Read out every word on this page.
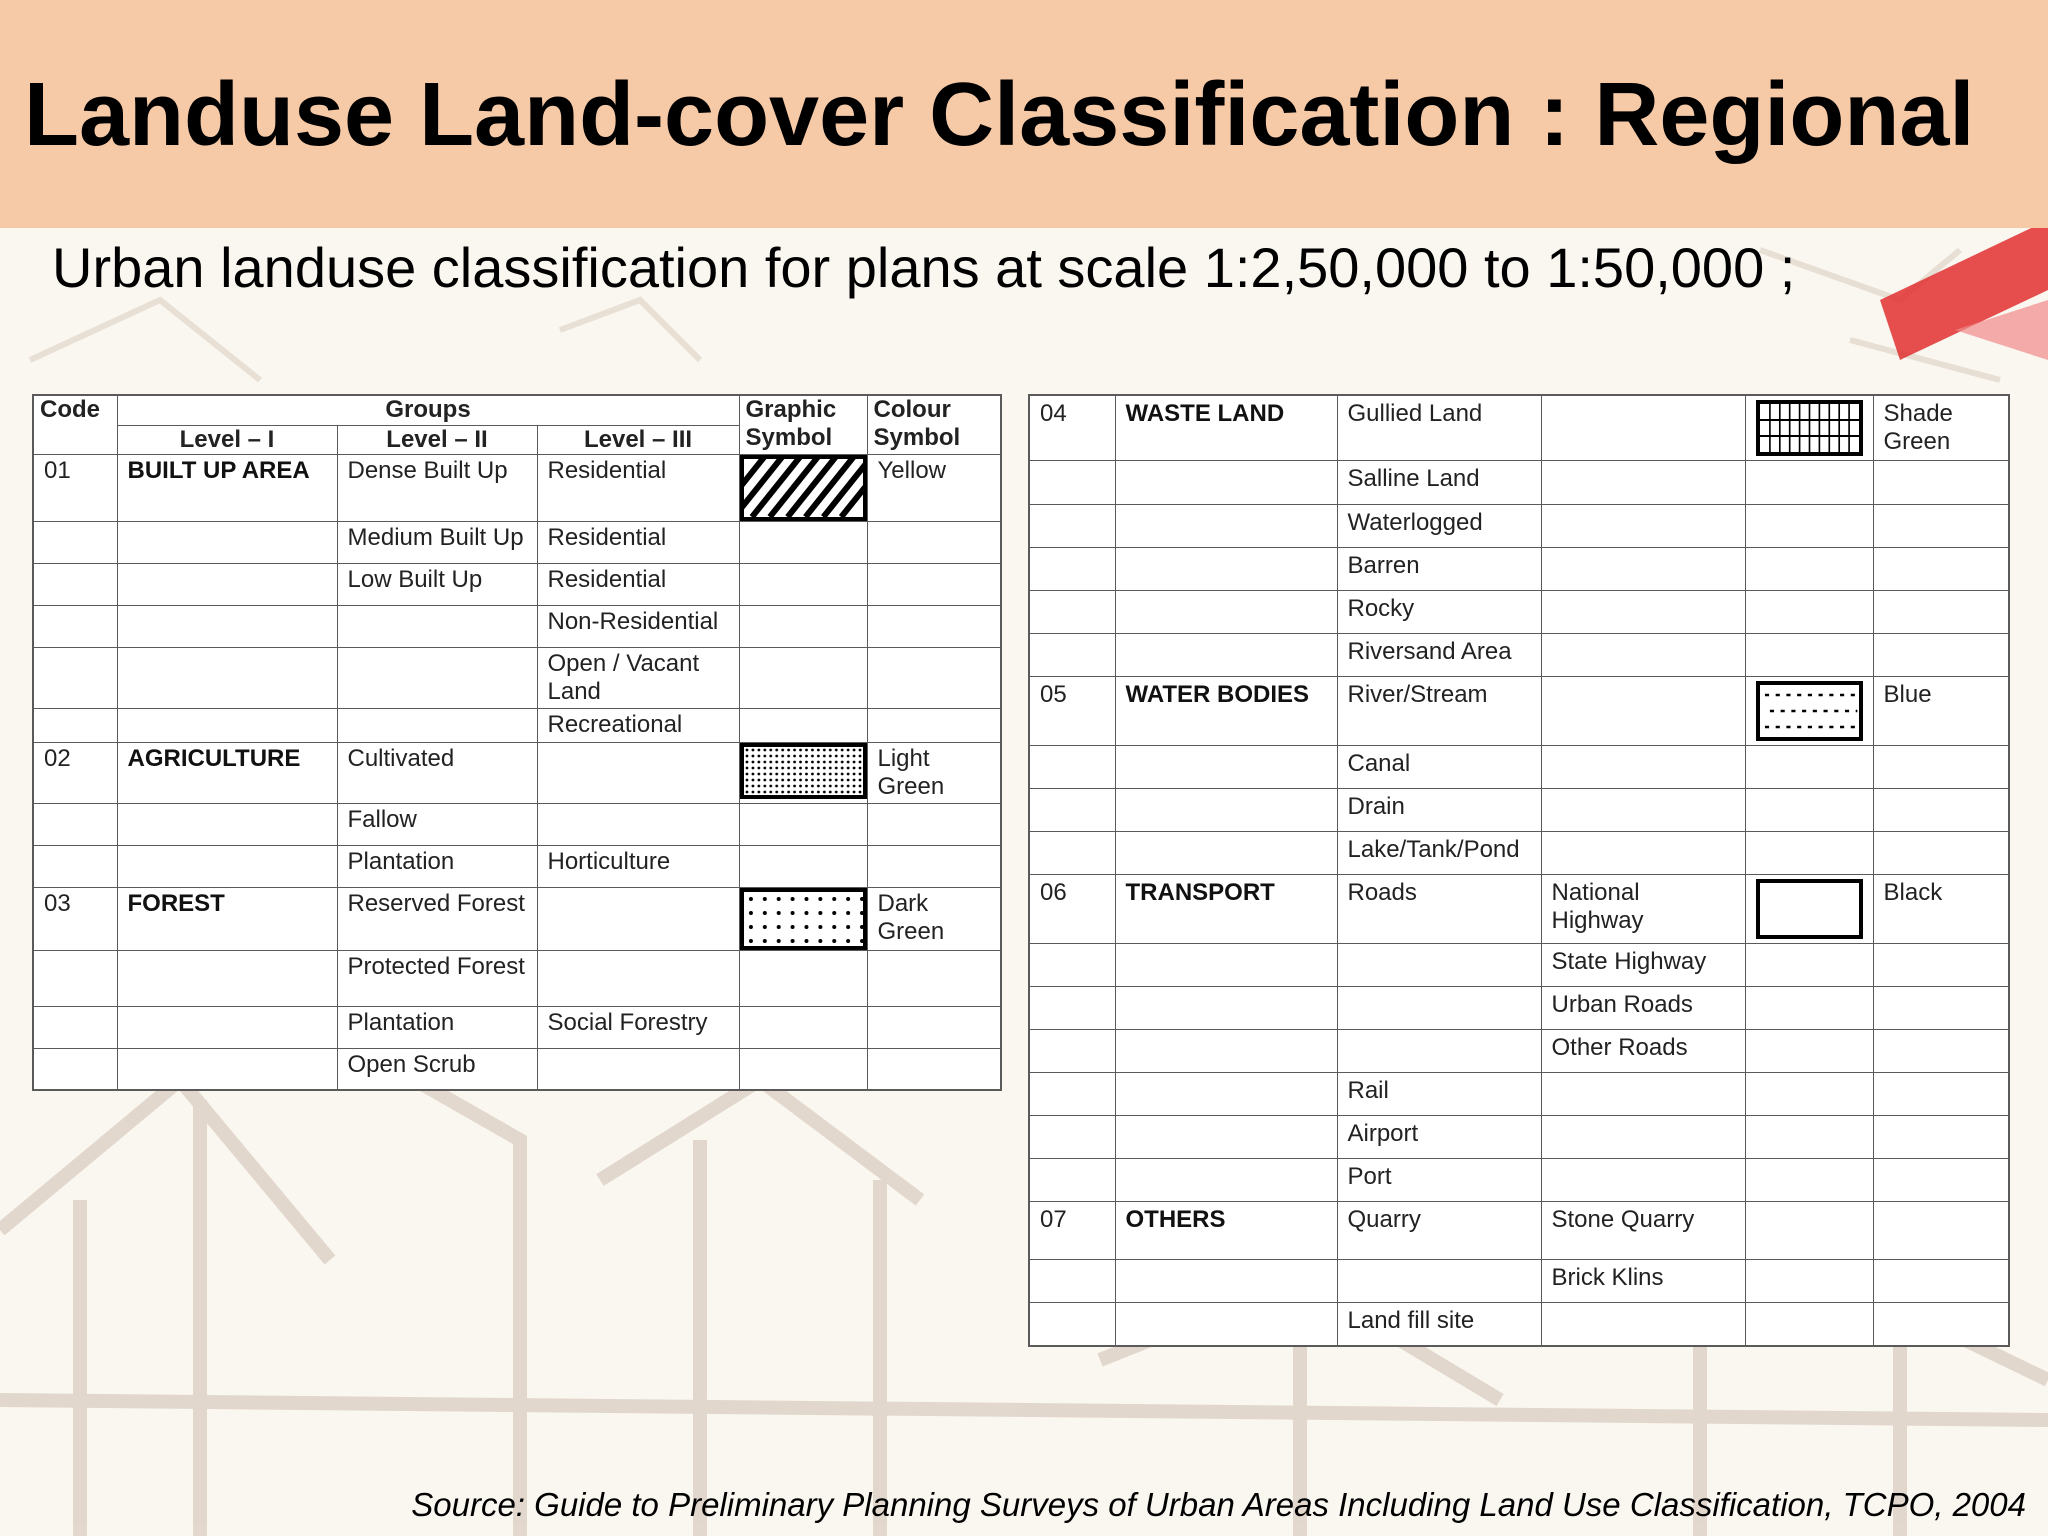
Landuse Land-cover Classification : Regional

Urban landuse classification for plans at scale 1:2,50,000 to 1:50,000 ;

Code	Groups			Graphic Symbol	Colour Symbol
	Level – I	Level – II	Level – III		
01	BUILT UP AREA	Dense Built Up	Residential		Yellow
		Medium Built Up	Residential		
		Low Built Up	Residential		
			Non-Residential		
			Open / Vacant Land		
			Recreational		
02	AGRICULTURE	Cultivated			Light Green
		Fallow			
		Plantation	Horticulture		
03	FOREST	Reserved Forest			Dark Green
		Protected Forest			
		Plantation	Social Forestry		
		Open Scrub			
04	WASTE LAND	Gullied Land			Shade Green
		Salline Land			
		Waterlogged			
		Barren			
		Rocky			
		Riversand Area			
05	WATER BODIES	River/Stream			Blue
		Canal			
		Drain			
		Lake/Tank/Pond			
06	TRANSPORT	Roads	National Highway		Black
			State Highway		
			Urban Roads		
			Other Roads		
		Rail			
		Airport			
		Port			
07	OTHERS	Quarry	Stone Quarry		
			Brick Klins		
		Land fill site			

Source: Guide to Preliminary Planning Surveys of Urban Areas Including Land Use Classification, TCPO, 2004
